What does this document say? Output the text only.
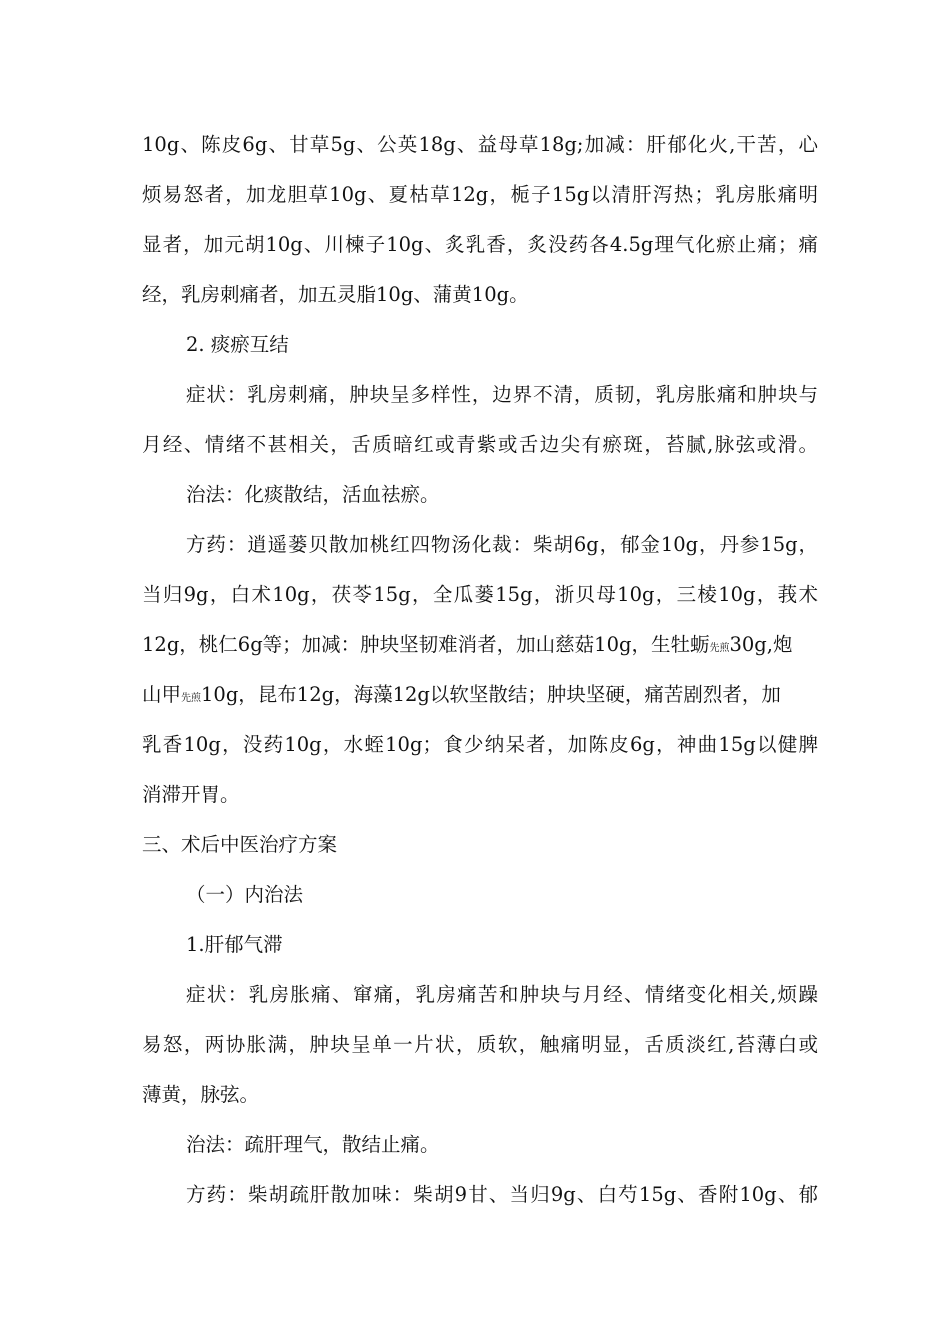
10g、陈皮6g、甘草5g、公英18g、益母草18g;加减：肝郁化火,干苦，心
烦易怒者，加龙胆草10g、夏枯草12g，栀子15g以清肝泻热；乳房胀痛明
显者，加元胡10g、川楝子10g、炙乳香，炙没药各4.5g理气化瘀止痛；痛
经，乳房刺痛者，加五灵脂10g、蒲黄10g。
2. 痰瘀互结
症状：乳房刺痛，肿块呈多样性，边界不清，质韧，乳房胀痛和肿块与
月经、情绪不甚相关，舌质暗红或青紫或舌边尖有瘀斑，苔腻,脉弦或滑。
治法：化痰散结，活血祛瘀。
方药：逍遥蒌贝散加桃红四物汤化裁：柴胡6g，郁金10g，丹参15g，
当归9g，白术10g，茯苓15g，全瓜蒌15g，浙贝母10g，三棱10g，莪术
12g，桃仁6g等；加减：肿块坚韧难消者，加山慈菇10g，生牡蛎先煎30g,炮
山甲先煎10g，昆布12g，海藻12g以软坚散结；肿块坚硬，痛苦剧烈者，加
乳香10g，没药10g，水蛭10g；食少纳呆者，加陈皮6g，神曲15g以健脾
消滞开胃。
三、术后中医治疗方案
（一）内治法
1.肝郁气滞
症状：乳房胀痛、窜痛，乳房痛苦和肿块与月经、情绪变化相关,烦躁
易怒，两协胀满，肿块呈单一片状，质软，触痛明显，舌质淡红,苔薄白或
薄黄，脉弦。
治法：疏肝理气，散结止痛。
方药：柴胡疏肝散加味：柴胡9甘、当归9g、白芍15g、香附10g、郁
